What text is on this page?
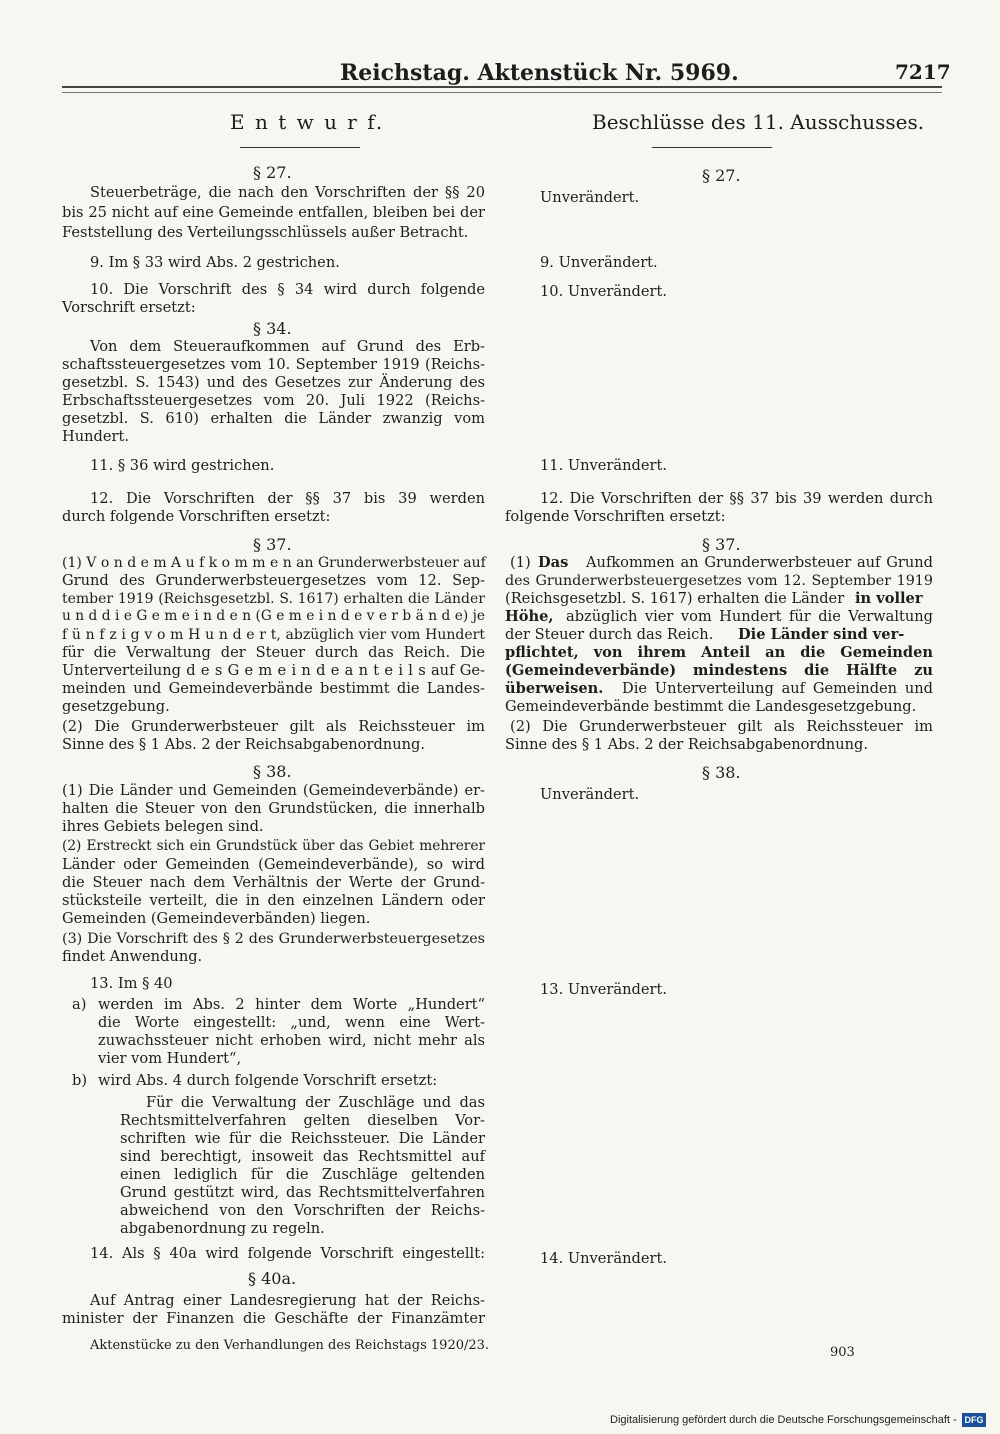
Reichstag. Aktenstück Nr. 5969.	7217
E n t w u r f.	Beschlüsse des 11. Ausschusses.
§ 27.
Steuerbeträge, die nach den Vorschriften der §§ 20
bis 25 nicht auf eine Gemeinde entfallen, bleiben bei der
Feststellung des Verteilungsschlüssels außer Betracht.
9. Im § 33 wird Abs. 2 gestrichen.
10. Die Vorschrift des § 34 wird durch folgende
Vorschrift ersetzt:
§ 34.
Von dem Steueraufkommen auf Grund des Erb-
schaftssteuergesetzes vom 10. September 1919 (Reichs-
gesetzbl. S. 1543) und des Gesetzes zur Änderung des
Erbschaftssteuergesetzes vom 20. Juli 1922 (Reichs-
gesetzbl. S. 610) erhalten die Länder zwanzig vom
Hundert.
11. § 36 wird gestrichen.
12. Die Vorschriften der §§ 37 bis 39 werden
durch folgende Vorschriften ersetzt:
§ 37.
(1) V o n d e m A u f k o m m e n an Grunderwerbsteuer auf
Grund des Grunderwerbsteuergesetzes vom 12. Sep-
tember 1919 (Reichsgesetzbl. S. 1617) erhalten die Länder
u n d d i e G e m e i n d e n (G e m e i n d e v e r b ä n d e) je
f ü n f z i g v o m H u n d e r t, abzüglich vier vom Hundert
für die Verwaltung der Steuer durch das Reich. Die
Unterverteilung d e s G e m e i n d e a n t e i l s auf Ge-
meinden und Gemeindeverbände bestimmt die Landes-
gesetzgebung.
(2) Die Grunderwerbsteuer gilt als Reichssteuer im
Sinne des § 1 Abs. 2 der Reichsabgabenordnung.
§ 38.
(1) Die Länder und Gemeinden (Gemeindeverbände) er-
halten die Steuer von den Grundstücken, die innerhalb
ihres Gebiets belegen sind.
(2) Erstreckt sich ein Grundstück über das Gebiet mehrerer
Länder oder Gemeinden (Gemeindeverbände), so wird
die Steuer nach dem Verhältnis der Werte der Grund-
stücksteile verteilt, die in den einzelnen Ländern oder
Gemeinden (Gemeindeverbänden) liegen.
(3) Die Vorschrift des § 2 des Grunderwerbsteuergesetzes
findet Anwendung.
13. Im § 40
a) werden im Abs. 2 hinter dem Worte „Hundert“
die Worte eingestellt: „und, wenn eine Wert-
zuwachssteuer nicht erhoben wird, nicht mehr als
vier vom Hundert“,
b) wird Abs. 4 durch folgende Vorschrift ersetzt:
Für die Verwaltung der Zuschläge und das
Rechtsmittelverfahren gelten dieselben Vor-
schriften wie für die Reichssteuer. Die Länder
sind berechtigt, insoweit das Rechtsmittel auf
einen lediglich für die Zuschläge geltenden
Grund gestützt wird, das Rechtsmittelverfahren
abweichend von den Vorschriften der Reichs-
abgabenordnung zu regeln.
14. Als § 40a wird folgende Vorschrift eingestellt:
§ 40a.
Auf Antrag einer Landesregierung hat der Reichs-
minister der Finanzen die Geschäfte der Finanzämter
§ 27.
Unverändert.
9. Unverändert.
10. Unverändert.
11. Unverändert.
12. Die Vorschriften der §§ 37 bis 39 werden durch
folgende Vorschriften ersetzt:
§ 37.
(1) Das Aufkommen an Grunderwerbsteuer auf Grund
des Grunderwerbsteuergesetzes vom 12. September 1919
(Reichsgesetzbl. S. 1617) erhalten die Länder in voller
Höhe, abzüglich vier vom Hundert für die Verwaltung
der Steuer durch das Reich. Die Länder sind ver-
pflichtet, von ihrem Anteil an die Gemeinden
(Gemeindeverbände) mindestens die Hälfte zu
überweisen. Die Unterverteilung auf Gemeinden und
Gemeindeverbände bestimmt die Landesgesetzgebung.
(2) Die Grunderwerbsteuer gilt als Reichssteuer im
Sinne des § 1 Abs. 2 der Reichsabgabenordnung.
§ 38.
Unverändert.
13. Unverändert.
14. Unverändert.
Aktenstücke zu den Verhandlungen des Reichstags 1920/23.	903
Digitalisierung gefördert durch die Deutsche Forschungsgemeinschaft - DFG
